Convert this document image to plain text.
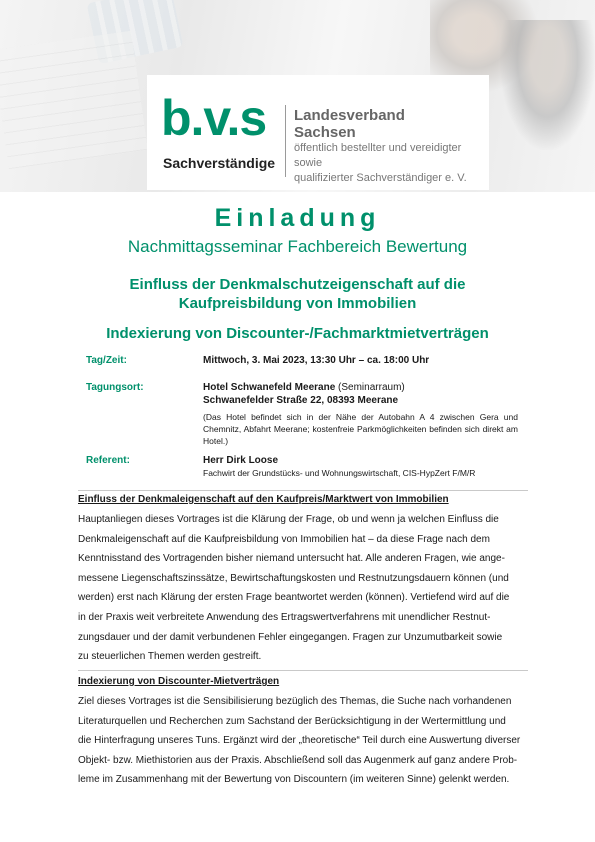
b.v.s
Sachverständige
Landesverband
Sachsen
öffentlich bestellter und vereidigter sowie
qualifizierter Sachverständiger e. V.
Einladung
Nachmittagsseminar Fachbereich Bewertung
Einfluss der Denkmalschutzeigenschaft auf die
Kaufpreisbildung von Immobilien
Indexierung von Discounter-/Fachmarktmietverträgen
Tag/Zeit:	Mittwoch, 3. Mai 2023, 13:30 Uhr – ca. 18:00 Uhr
Tagungsort:	Hotel Schwanefeld Meerane (Seminarraum)
Schwanefelder Straße 22, 08393 Meerane
(Das Hotel befindet sich in der Nähe der Autobahn A 4 zwischen Gera und Chemnitz, Abfahrt Meerane; kostenfreie Parkmöglichkeiten befinden sich direkt am Hotel.)
Referent:	Herr Dirk Loose
Fachwirt der Grundstücks- und Wohnungswirtschaft, CIS-HypZert F/M/R
Einfluss der Denkmaleigenschaft auf den Kaufpreis/Marktwert von Immobilien
Hauptanliegen dieses Vortrages ist die Klärung der Frage, ob und wenn ja welchen Einfluss die
Denkmaleigenschaft auf die Kaufpreisbildung von Immobilien hat – da diese Frage nach dem
Kenntnisstand des Vortragenden bisher niemand untersucht hat. Alle anderen Fragen, wie ange-
messene Liegenschaftszinssätze, Bewirtschaftungskosten und Restnutzungsdauern können (und
werden) erst nach Klärung der ersten Frage beantwortet werden (können). Vertiefend wird auf die
in der Praxis weit verbreitete Anwendung des Ertragswertverfahrens mit unendlicher Restnut-
zungsdauer und der damit verbundenen Fehler eingegangen. Fragen zur Unzumutbarkeit sowie
zu steuerlichen Themen werden gestreift.
Indexierung von Discounter-Mietverträgen
Ziel dieses Vortrages ist die Sensibilisierung bezüglich des Themas, die Suche nach vorhandenen
Literaturquellen und Recherchen zum Sachstand der Berücksichtigung in der Wertermittlung und
die Hinterfragung unseres Tuns. Ergänzt wird der „theoretische“ Teil durch eine Auswertung diverser
Objekt- bzw. Miethistorien aus der Praxis. Abschließend soll das Augenmerk auf ganz andere Prob-
leme im Zusammenhang mit der Bewertung von Discountern (im weiteren Sinne) gelenkt werden.
